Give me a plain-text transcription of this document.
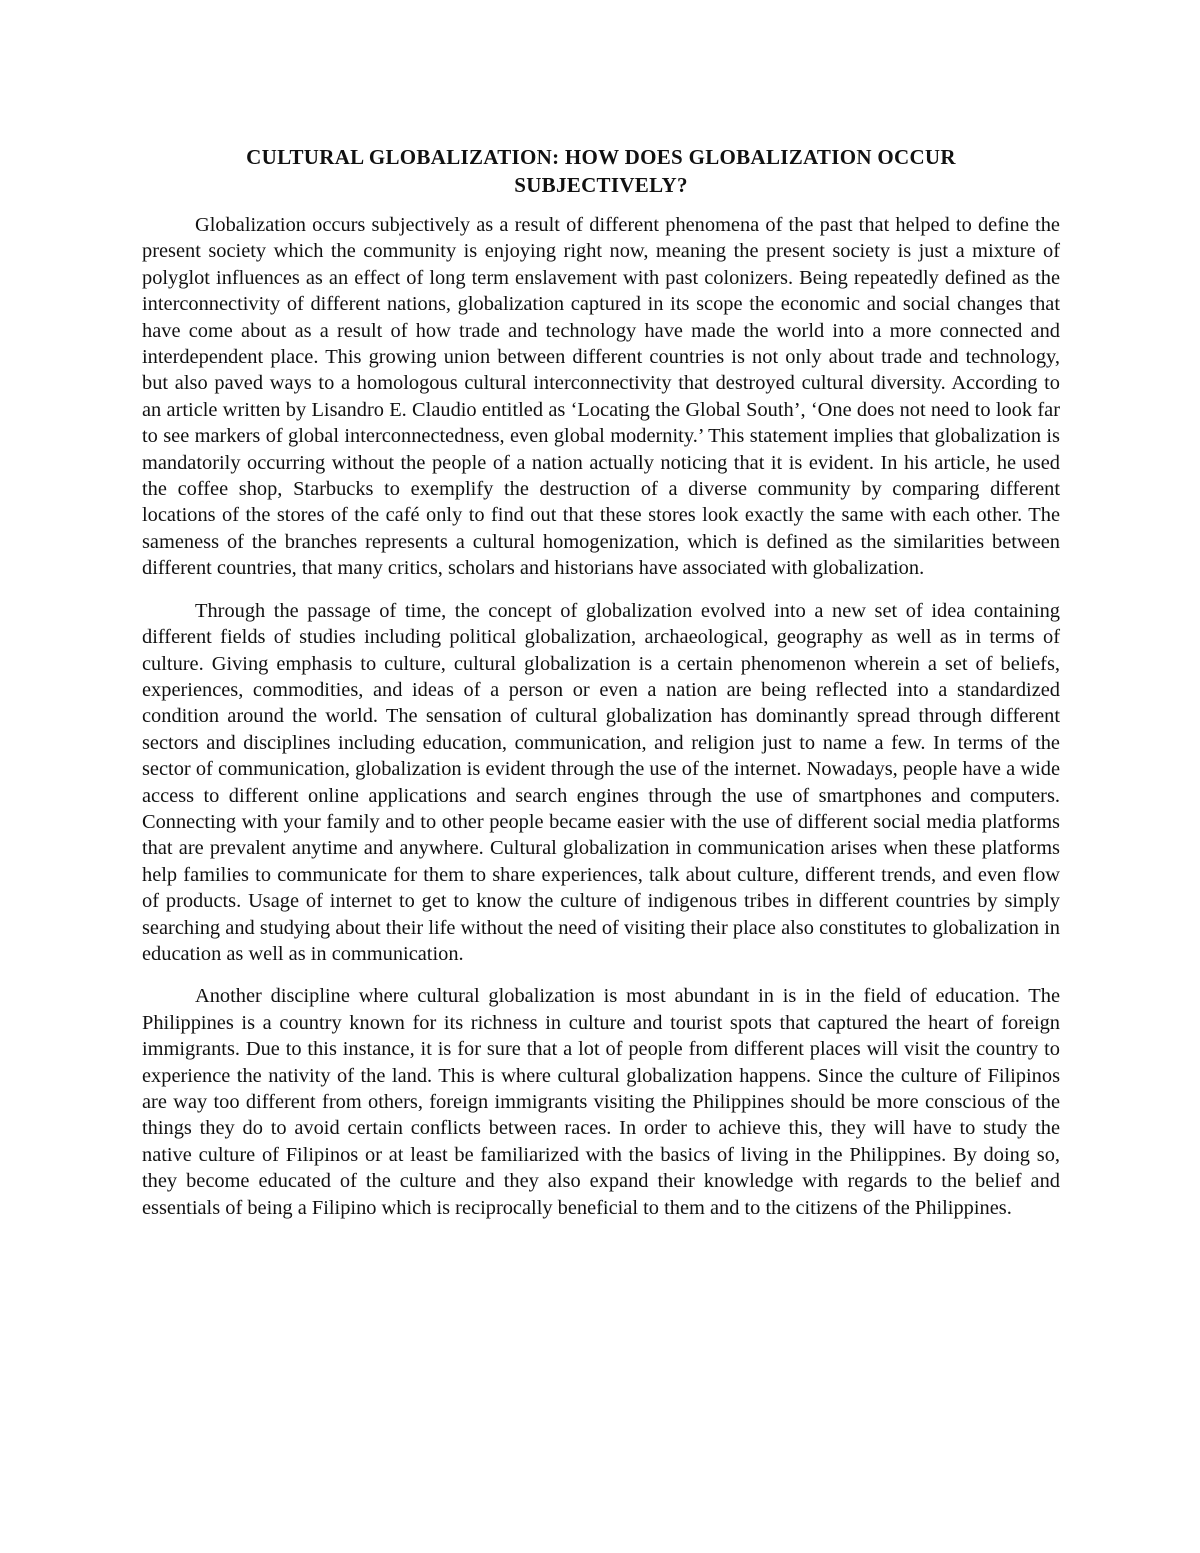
CULTURAL GLOBALIZATION: HOW DOES GLOBALIZATION OCCUR
SUBJECTIVELY?

Globalization occurs subjectively as a result of different phenomena of the past that helped to define the present society which the community is enjoying right now, meaning the present society is just a mixture of polyglot influences as an effect of long term enslavement with past colonizers. Being repeatedly defined as the interconnectivity of different nations, globalization captured in its scope the economic and social changes that have come about as a result of how trade and technology have made the world into a more connected and interdependent place. This growing union between different countries is not only about trade and technology, but also paved ways to a homologous cultural interconnectivity that destroyed cultural diversity. According to an article written by Lisandro E. Claudio entitled as ‘Locating the Global South’, ‘One does not need to look far to see markers of global interconnectedness, even global modernity.’ This statement implies that globalization is mandatorily occurring without the people of a nation actually noticing that it is evident. In his article, he used the coffee shop, Starbucks to exemplify the destruction of a diverse community by comparing different locations of the stores of the café only to find out that these stores look exactly the same with each other. The sameness of the branches represents a cultural homogenization, which is defined as the similarities between different countries, that many critics, scholars and historians have associated with globalization.

Through the passage of time, the concept of globalization evolved into a new set of idea containing different fields of studies including political globalization, archaeological, geography as well as in terms of culture. Giving emphasis to culture, cultural globalization is a certain phenomenon wherein a set of beliefs, experiences, commodities, and ideas of a person or even a nation are being reflected into a standardized condition around the world. The sensation of cultural globalization has dominantly spread through different sectors and disciplines including education, communication, and religion just to name a few. In terms of the sector of communication, globalization is evident through the use of the internet. Nowadays, people have a wide access to different online applications and search engines through the use of smartphones and computers. Connecting with your family and to other people became easier with the use of different social media platforms that are prevalent anytime and anywhere. Cultural globalization in communication arises when these platforms help families to communicate for them to share experiences, talk about culture, different trends, and even flow of products. Usage of internet to get to know the culture of indigenous tribes in different countries by simply searching and studying about their life without the need of visiting their place also constitutes to globalization in education as well as in communication.

Another discipline where cultural globalization is most abundant in is in the field of education. The Philippines is a country known for its richness in culture and tourist spots that captured the heart of foreign immigrants. Due to this instance, it is for sure that a lot of people from different places will visit the country to experience the nativity of the land. This is where cultural globalization happens. Since the culture of Filipinos are way too different from others, foreign immigrants visiting the Philippines should be more conscious of the things they do to avoid certain conflicts between races. In order to achieve this, they will have to study the native culture of Filipinos or at least be familiarized with the basics of living in the Philippines. By doing so, they become educated of the culture and they also expand their knowledge with regards to the belief and essentials of being a Filipino which is reciprocally beneficial to them and to the citizens of the Philippines.
